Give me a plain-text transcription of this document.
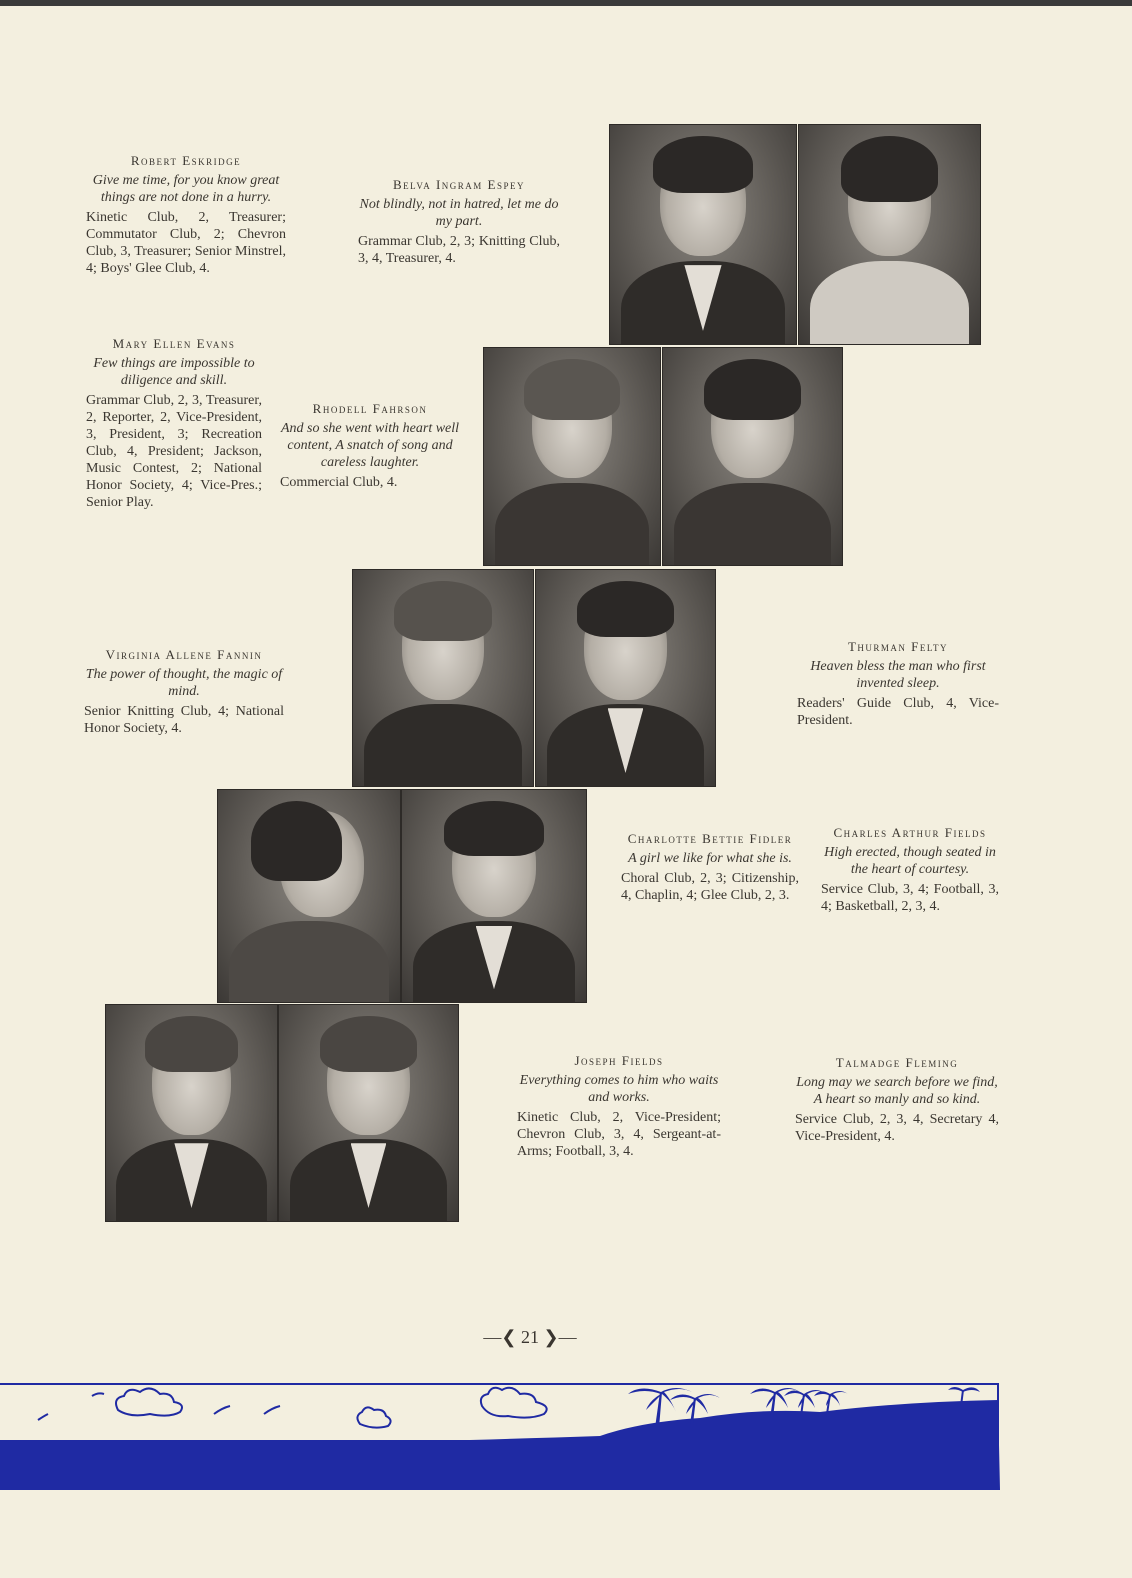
Robert Eskridge
Give me time, for you know great things are not done in a hurry.
Kinetic Club, 2, Treasurer; Commutator Club, 2; Chevron Club, 3, Treasurer; Senior Minstrel, 4; Boys' Glee Club, 4.
Belva Ingram Espey
Not blindly, not in hatred, let me do my part.
Grammar Club, 2, 3; Knitting Club, 3, 4, Treasurer, 4.
Mary Ellen Evans
Few things are impossible to diligence and skill.
Grammar Club, 2, 3, Treasurer, 2, Reporter, 2, Vice-President, 3, President, 3; Recreation Club, 4, President; Jackson, Music Contest, 2; National Honor Society, 4; Vice-Pres.; Senior Play.
Rhodell Fahrson
And so she went with heart well content, A snatch of song and careless laughter.
Commercial Club, 4.
Virginia Allene Fannin
The power of thought, the magic of mind.
Senior Knitting Club, 4; National Honor Society, 4.
Thurman Felty
Heaven bless the man who first invented sleep.
Readers' Guide Club, 4, Vice-President.
Charlotte Bettie Fidler
A girl we like for what she is.
Choral Club, 2, 3; Citizenship, 4, Chaplin, 4; Glee Club, 2, 3.
Charles Arthur Fields
High erected, though seated in the heart of courtesy.
Service Club, 3, 4; Football, 3, 4; Basketball, 2, 3, 4.
Joseph Fields
Everything comes to him who waits and works.
Kinetic Club, 2, Vice-President; Chevron Club, 3, 4, Sergeant-at-Arms; Football, 3, 4.
Talmadge Fleming
Long may we search before we find, A heart so manly and so kind.
Service Club, 2, 3, 4, Secretary 4, Vice-President, 4.
—❮ 21 ❯—
